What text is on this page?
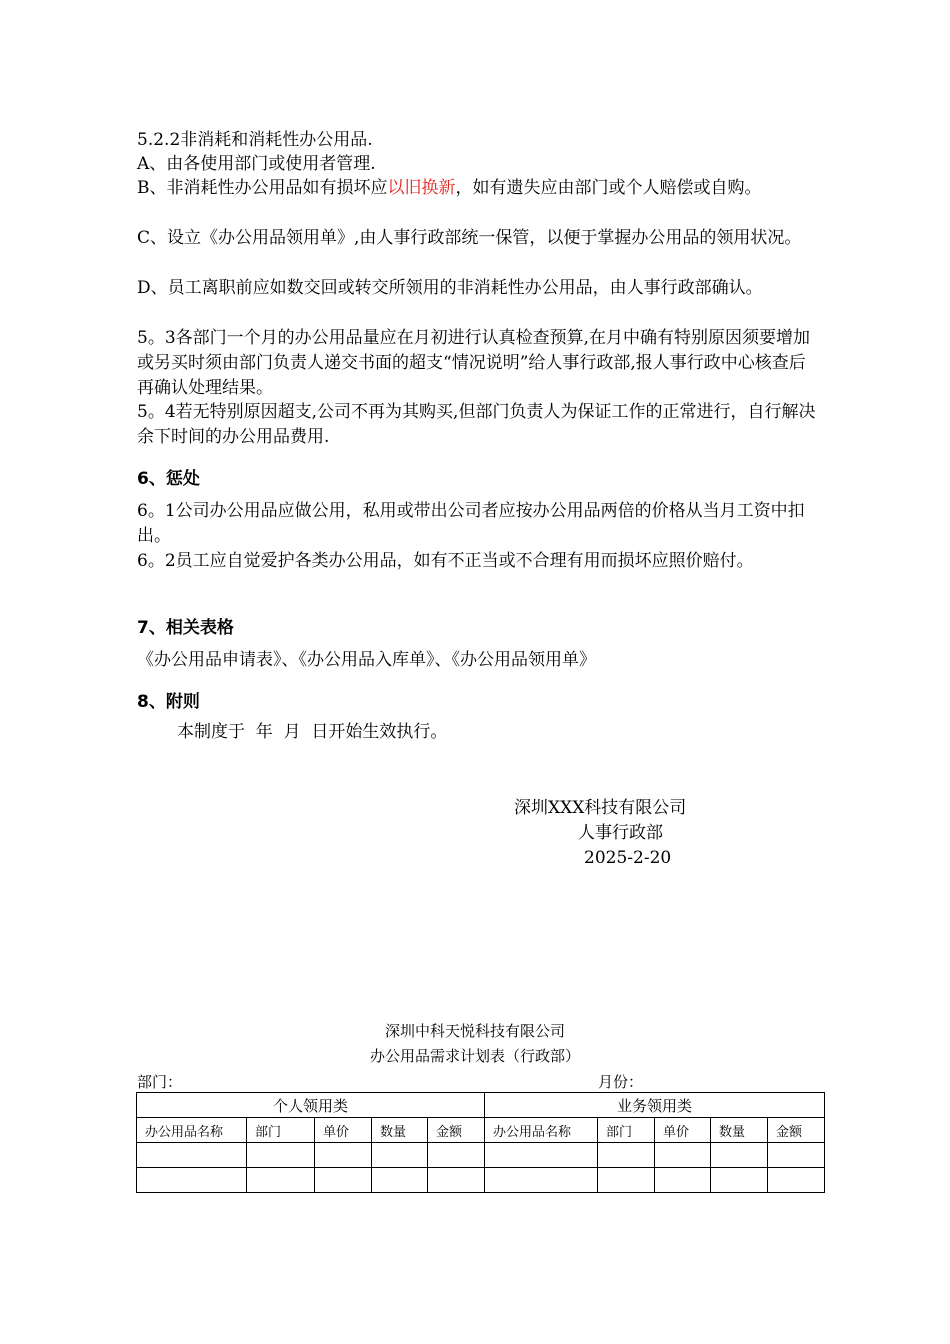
5.2.2非消耗和消耗性办公用品.
A、由各使用部门或使用者管理.
B、非消耗性办公用品如有损坏应以旧换新，如有遗失应由部门或个人赔偿或自购。
C、设立《办公用品领用单》,由人事行政部统一保管，以便于掌握办公用品的领用状况。
D、员工离职前应如数交回或转交所领用的非消耗性办公用品，由人事行政部确认。
5。3各部门一个月的办公用品量应在月初进行认真检查预算,在月中确有特别原因须要增加或另买时须由部门负责人递交书面的超支“情况说明”给人事行政部,报人事行政中心核查后再确认处理结果。
5。4若无特别原因超支,公司不再为其购买,但部门负责人为保证工作的正常进行，自行解决余下时间的办公用品费用.
6、惩处
6。1公司办公用品应做公用，私用或带出公司者应按办公用品两倍的价格从当月工资中扣出。
6。2员工应自觉爱护各类办公用品，如有不正当或不合理有用而损坏应照价赔付。
7、相关表格
《办公用品申请表》、《办公用品入库单》、《办公用品领用单》
8、附则
本制度于  年  月  日开始生效执行。
深圳XXX科技有限公司
人事行政部
2025-2-20
深圳中科天悦科技有限公司
办公用品需求计划表（行政部）
部门：	月份：
个人领用类					业务领用类				
办公用品名称	部门	单价	数量	金额	办公用品名称	部门	单价	数量	金额
